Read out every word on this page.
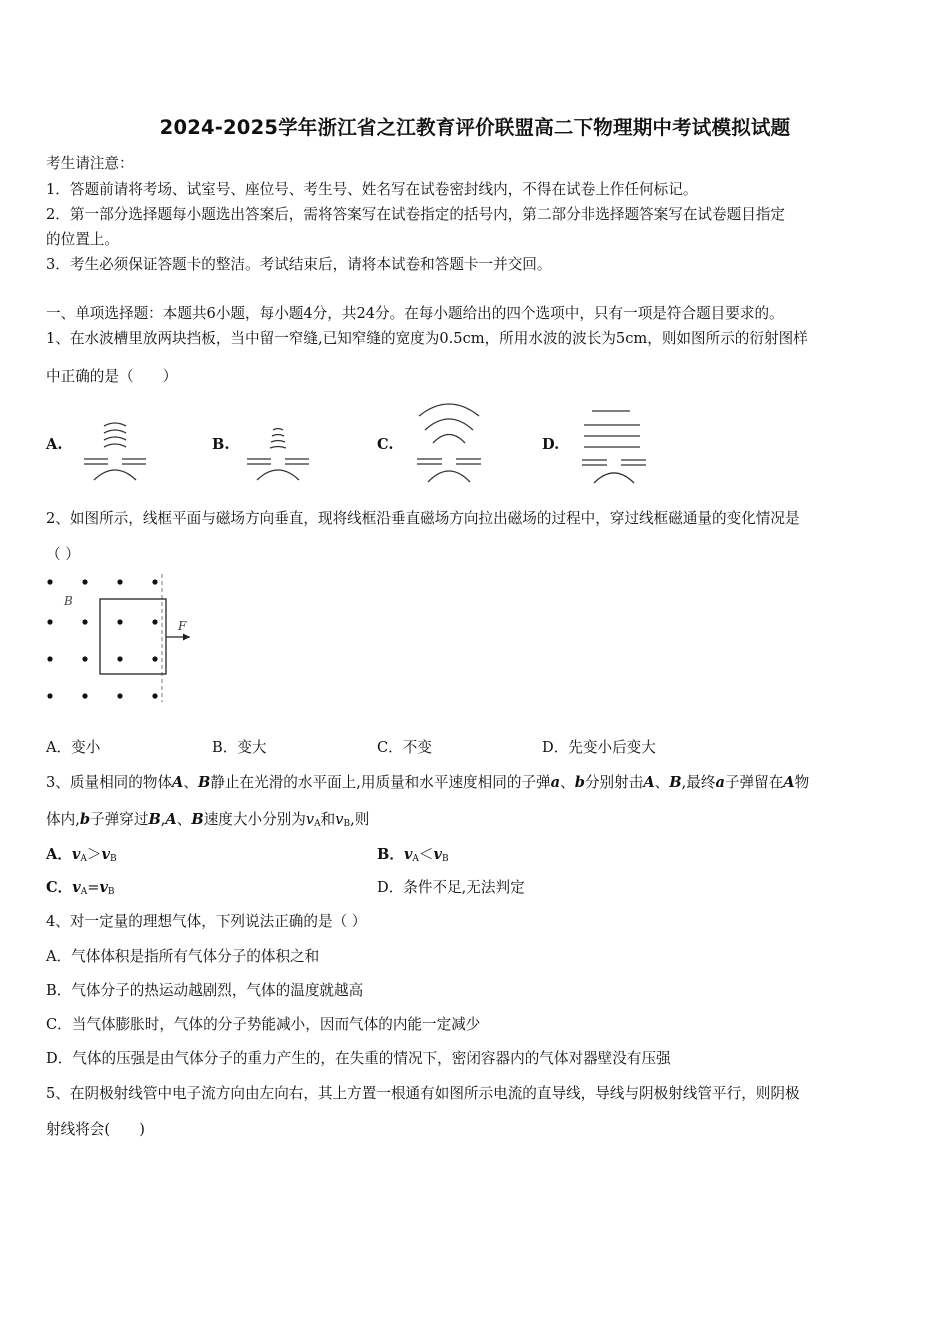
2024-2025学年浙江省之江教育评价联盟高二下物理期中考试模拟试题
考生请注意：
1．答题前请将考场、试室号、座位号、考生号、姓名写在试卷密封线内，不得在试卷上作任何标记。
2．第一部分选择题每小题选出答案后，需将答案写在试卷指定的括号内，第二部分非选择题答案写在试卷题目指定
的位置上。
3．考生必须保证答题卡的整洁。考试结束后，请将本试卷和答题卡一并交回。
一、单项选择题：本题共6小题，每小题4分，共24分。在每小题给出的四个选项中，只有一项是符合题目要求的。
1、在水波槽里放两块挡板，当中留一窄缝,已知窄缝的宽度为0.5cm，所用水波的波长为5cm，则如图所示的衍射图样
中正确的是（　　）
A.	B.	C.	D.
2、如图所示，线框平面与磁场方向垂直，现将线框沿垂直磁场方向拉出磁场的过程中，穿过线框磁通量的变化情况是
（ ）
B
F
A．变小	B．变大	C．不变	D．先变小后变大
3、质量相同的物体A、B静止在光滑的水平面上,用质量和水平速度相同的子弹a、b分别射击A、B,最终a子弹留在A物
体内,b子弹穿过B,A、B速度大小分别为$v_A$和$v_B$,则
A．$v_A>v_B$	B．$v_A<v_B$
C．$v_A=v_B$	D．条件不足,无法判定
4、对一定量的理想气体，下列说法正确的是（ ）
A．气体体积是指所有气体分子的体积之和
B．气体分子的热运动越剧烈，气体的温度就越高
C．当气体膨胀时，气体的分子势能减小，因而气体的内能一定减少
D．气体的压强是由气体分子的重力产生的，在失重的情况下，密闭容器内的气体对器壁没有压强
5、在阴极射线管中电子流方向由左向右，其上方置一根通有如图所示电流的直导线，导线与阴极射线管平行，则阴极
射线将会(　　)
